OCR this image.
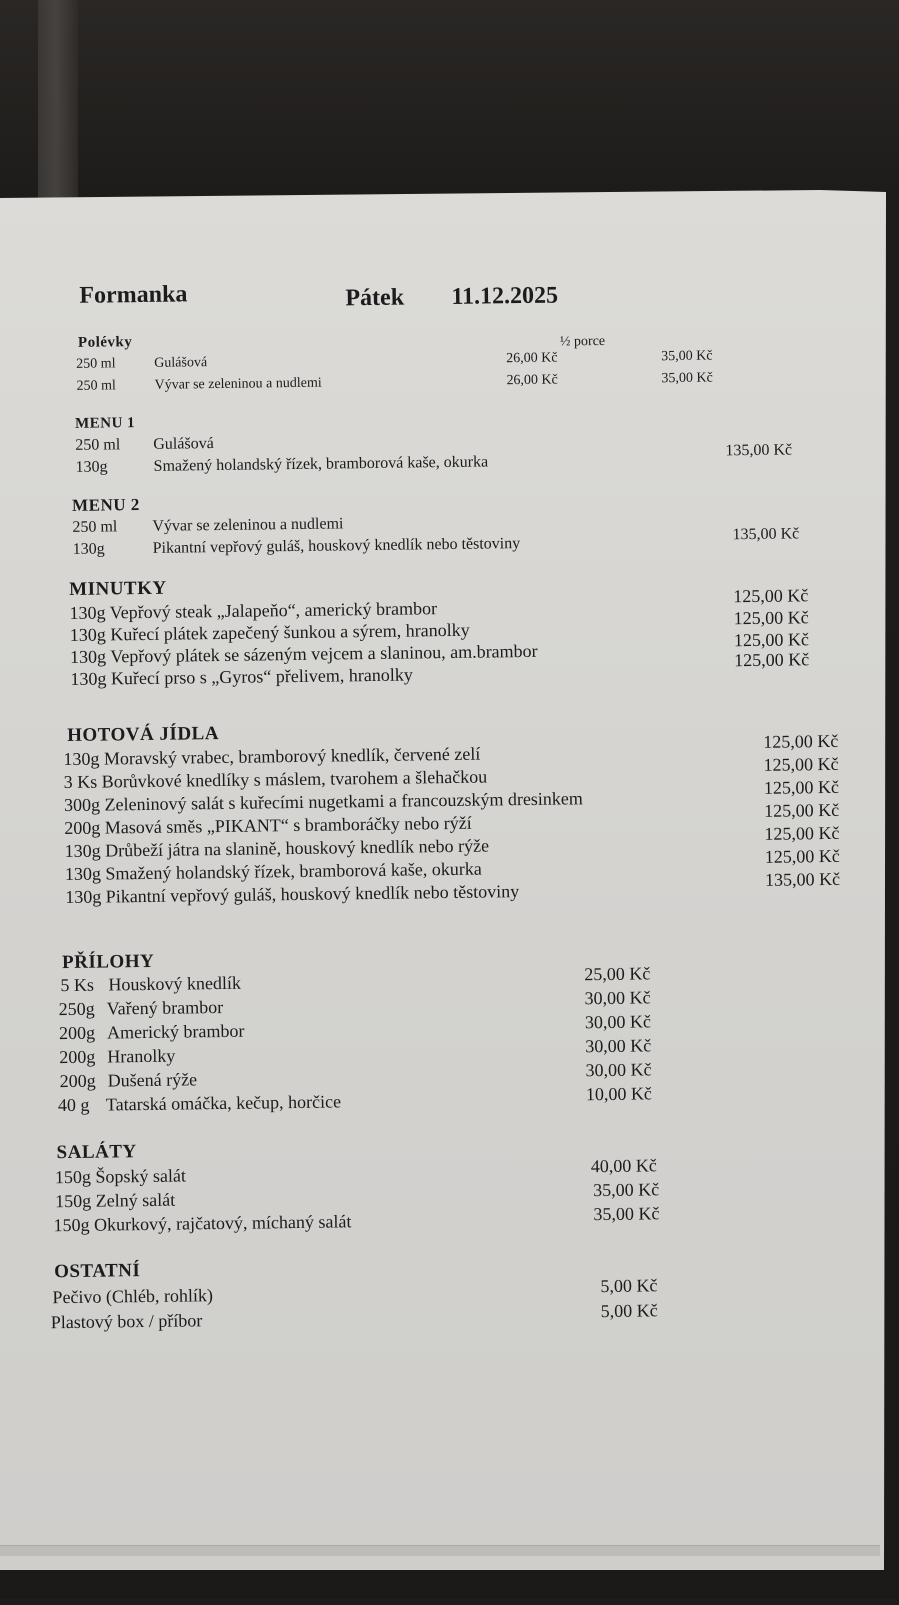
Formanka	Pátek 11.12.2025
Polévky	½ porce
250 ml	Gulášová	26,00 Kč	35,00 Kč
250 ml	Vývar se zeleninou a nudlemi	26,00 Kč	35,00 Kč
MENU 1
250 ml Gulášová
130g	Smažený holandský řízek, bramborová kaše, okurka
135,00 Kč
MENU 2
250 ml Vývar se zeleninou a nudlemi
130g	Pikantní vepřový guláš, houskový knedlík nebo těstoviny
135,00 Kč
MINUTKY
130g Vepřový steak „Jalapeňo“, americký brambor
125,00 Kč
130g Kuřecí plátek zapečený šunkou a sýrem, hranolky
125,00 Kč
130g Vepřový plátek se sázeným vejcem a slaninou, am.brambor
125,00 Kč
130g Kuřecí prso s „Gyros“ přelivem, hranolky
125,00 Kč
HOTOVÁ JÍDLA
130g Moravský vrabec, bramborový knedlík, červené zelí
125,00 Kč
3 Ks Borůvkové knedlíky s máslem, tvarohem a šlehačkou
125,00 Kč
300g Zeleninový salát s kuřecími nugetkami a francouzským dresinkem
125,00 Kč
200g Masová směs „PIKANT“ s bramboráčky nebo rýží
125,00 Kč
130g Drůbeží játra na slanině, houskový knedlík nebo rýže
125,00 Kč
130g Smažený holandský řízek, bramborová kaše, okurka
125,00 Kč
130g Pikantní vepřový guláš, houskový knedlík nebo těstoviny
135,00 Kč
PŘÍLOHY
5 Ks Houskový knedlík	25,00 Kč
250g Vařený brambor	30,00 Kč
200g Americký brambor	30,00 Kč
200g Hranolky	30,00 Kč
200g Dušená rýže	30,00 Kč
40 g Tatarská omáčka, kečup, horčice	10,00 Kč
SALÁTY
150g Šopský salát	40,00 Kč
150g Zelný salát	35,00 Kč
150g Okurkový, rajčatový, míchaný salát	35,00 Kč
OSTATNÍ
Pečivo (Chléb, rohlík)	5,00 Kč
Plastový box / příbor	5,00 Kč
